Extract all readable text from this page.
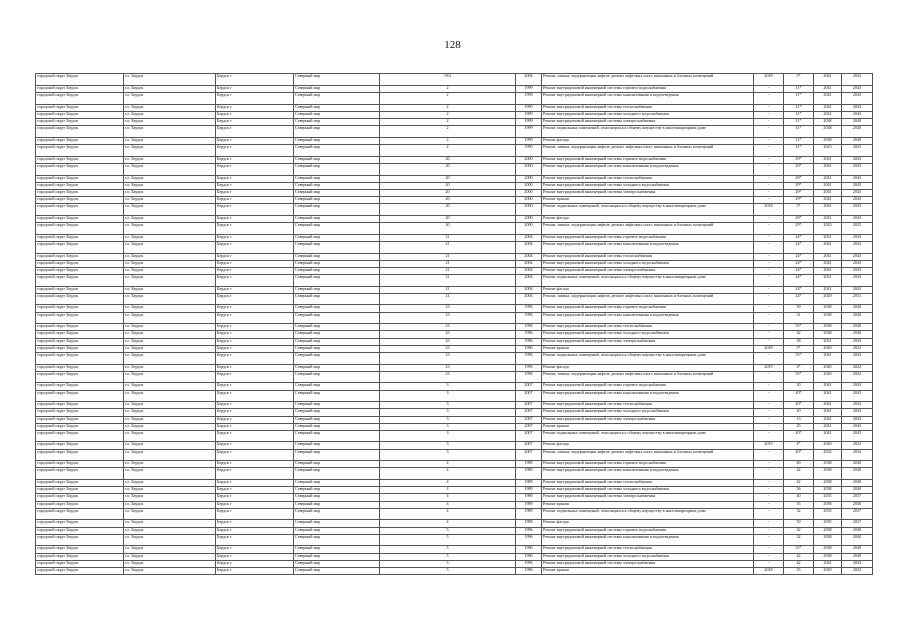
128
городской округ Бердск	г.о. Бердск	Бердск г	Северный мкр	19/2	2004	Ремонт, замена, модернизация лифтов, ремонт лифтовых шахт, машинных и блочных помещений	2018	5*	2041	2043
городской округ Бердск	г.о. Бердск	Бердск г	Северный мкр	2	1999	Ремонт внутридомовой инженерной системы горячего водоснабжения	-	31*	2041	2043
городской округ Бердск	г.о. Бердск	Бердск г	Северный мкр	2	1999	Ремонт внутридомовой инженерной системы канализования и водоотведения	-	31*	2041	2043
городской округ Бердск	г.о. Бердск	Бердск г	Северный мкр	2	1999	Ремонт внутридомовой инженерной системы теплоснабжения	-	31*	2041	2043
городской округ Бердск	г.о. Бердск	Бердск г	Северный мкр	2	1999	Ремонт внутридомовой инженерной системы холодного водоснабжения	-	31*	2041	2043
городской округ Бердск	г.о. Бердск	Бердск г	Северный мкр	2	1999	Ремонт внутридомовой инженерной системы электроснабжения	-	31*	2038	2040
городской округ Бердск	г.о. Бердск	Бердск г	Северный мкр	2	1999	Ремонт подвальных помещений, относящихся к общему имуществу в многоквартирном доме	-	31*	2038	2040
городской округ Бердск	г.о. Бердск	Бердск г	Северный мкр	2	1999	Ремонт фасада	-	31*	2038	2040
городской округ Бердск	г.о. Бердск	Бердск г	Северный мкр	2	1999	Ремонт, замена, модернизация лифтов, ремонт лифтовых шахт, машинных и блочных помещений	-	31*	2023	2025
городской округ Бердск	г.о. Бердск	Бердск г	Северный мкр	20	2000	Ремонт внутридомовой инженерной системы горячего водоснабжения	-	29*	2041	2043
городской округ Бердск	г.о. Бердск	Бердск г	Северный мкр	20	2000	Ремонт внутридомовой инженерной системы канализования и водоотведения	-	29*	2041	2043
городской округ Бердск	г.о. Бердск	Бердск г	Северный мкр	20	2000	Ремонт внутридомовой инженерной системы теплоснабжения	-	29*	2041	2043
городской округ Бердск	г.о. Бердск	Бердск г	Северный мкр	20	2000	Ремонт внутридомовой инженерной системы холодного водоснабжения	-	29*	2041	2043
городской округ Бердск	г.о. Бердск	Бердск г	Северный мкр	20	2000	Ремонт внутридомовой инженерной системы электроснабжения	-	29*	2041	2043
городской округ Бердск	г.о. Бердск	Бердск г	Северный мкр	20	2000	Ремонт крыши	-	29*	2041	2043
городской округ Бердск	г.о. Бердск	Бердск г	Северный мкр	20	2000	Ремонт подвальных помещений, относящихся к общему имуществу в многоквартирном доме	2018	5*	2041	2043
городской округ Бердск	г.о. Бердск	Бердск г	Северный мкр	20	2000	Ремонт фасада	-	29*	2041	2043
городской округ Бердск	г.о. Бердск	Бердск г	Северный мкр	20	2000	Ремонт, замена, модернизация лифтов, ремонт лифтовых шахт, машинных и блочных помещений	-	29*	2023	2025
городской округ Бердск	г.о. Бердск	Бердск г	Северный мкр	21	2004	Ремонт внутридомовой инженерной системы горячего водоснабжения	-	24*	2041	2043
городской округ Бердск	г.о. Бердск	Бердск г	Северный мкр	21	2004	Ремонт внутридомовой инженерной системы канализования и водоотведения	-	24*	2041	2043
городской округ Бердск	г.о. Бердск	Бердск г	Северный мкр	21	2004	Ремонт внутридомовой инженерной системы теплоснабжения	-	24*	2041	2043
городской округ Бердск	г.о. Бердск	Бердск г	Северный мкр	21	2004	Ремонт внутридомовой инженерной системы холодного водоснабжения	-	24*	2041	2043
городской округ Бердск	г.о. Бердск	Бердск г	Северный мкр	21	2004	Ремонт внутридомовой инженерной системы электроснабжения	-	24*	2041	2043
городской округ Бердск	г.о. Бердск	Бердск г	Северный мкр	21	2004	Ремонт подвальных помещений, относящихся к общему имуществу в многоквартирном доме	-	24*	2041	2043
городской округ Бердск	г.о. Бердск	Бердск г	Северный мкр	21	2004	Ремонт фасада	-	24*	2041	2043
городской округ Бердск	г.о. Бердск	Бердск г	Северный мкр	21	2004	Ремонт, замена, модернизация лифтов, ремонт лифтовых шахт, машинных и блочных помещений	-	24*	2029	2031
городской округ Бердск	г.о. Бердск	Бердск г	Северный мкр	23	1996	Ремонт внутридомовой инженерной системы горячего водоснабжения	-	50	2038	2040
городской округ Бердск	г.о. Бердск	Бердск г	Северный мкр	23	1996	Ремонт внутридомовой инженерной системы канализования и водоотведения	-	31	2038	2040
городской округ Бердск	г.о. Бердск	Бердск г	Северный мкр	23	1996	Ремонт внутридомовой инженерной системы теплоснабжения	-	35*	2038	2040
городской округ Бердск	г.о. Бердск	Бердск г	Северный мкр	23	1996	Ремонт внутридомовой инженерной системы холодного водоснабжения	-	42	2038	2040
городской округ Бердск	г.о. Бердск	Бердск г	Северный мкр	23	1996	Ремонт внутридомовой инженерной системы электроснабжения	-	38	2041	2043
городской округ Бердск	г.о. Бердск	Бердск г	Северный мкр	23	1996	Ремонт крыши	2018	5*	2020	2022
городской округ Бердск	г.о. Бердск	Бердск г	Северный мкр	23	1996	Ремонт подвальных помещений, относящихся к общему имуществу в многоквартирном доме	-	35*	2041	2043
городской округ Бердск	г.о. Бердск	Бердск г	Северный мкр	23	1996	Ремонт фасада	2019	4*	2020	2022
городской округ Бердск	г.о. Бердск	Бердск г	Северный мкр	23	1996	Ремонт, замена, модернизация лифтов, ремонт лифтовых шахт, машинных и блочных помещений	-	35*	2020	2022
городской округ Бердск	г.о. Бердск	Бердск г	Северный мкр	3	2007	Ремонт внутридомовой инженерной системы горячего водоснабжения	-	30	2041	2043
городской округ Бердск	г.о. Бердск	Бердск г	Северный мкр	3	2007	Ремонт внутридомовой инженерной системы канализования и водоотведения	-	20*	2041	2043
городской округ Бердск	г.о. Бердск	Бердск г	Северный мкр	3	2007	Ремонт внутридомовой инженерной системы теплоснабжения	-	20*	2041	2043
городской округ Бердск	г.о. Бердск	Бердск г	Северный мкр	3	2007	Ремонт внутридомовой инженерной системы холодного водоснабжения	-	20	2041	2043
городской округ Бердск	г.о. Бердск	Бердск г	Северный мкр	3	2007	Ремонт внутридомовой инженерной системы электроснабжения	-	13	2041	2043
городской округ Бердск	г.о. Бердск	Бердск г	Северный мкр	3	2007	Ремонт крыши	-	25	2041	2043
городской округ Бердск	г.о. Бердск	Бердск г	Северный мкр	3	2007	Ремонт подвальных помещений, относящихся к общему имуществу в многоквартирном доме	-	20*	2041	2043
городской округ Бердск	г.о. Бердск	Бердск г	Северный мкр	3	2007	Ремонт фасада	2019	4*	2020	2022
городской округ Бердск	г.о. Бердск	Бердск г	Северный мкр	3	2007	Ремонт, замена, модернизация лифтов, ремонт лифтовых шахт, машинных и блочных помещений	-	20*	2032	2034
городской округ Бердск	г.о. Бердск	Бердск г	Северный мкр	4	1989	Ремонт внутридомовой инженерной системы горячего водоснабжения	-	60	2038	2040
городской округ Бердск	г.о. Бердск	Бердск г	Северный мкр	4	1989	Ремонт внутридомовой инженерной системы канализования и водоотведения	-	42	2038	2040
городской округ Бердск	г.о. Бердск	Бердск г	Северный мкр	4	1989	Ремонт внутридомовой инженерной системы теплоснабжения	-	42	2038	2040
городской округ Бердск	г.о. Бердск	Бердск г	Северный мкр	4	1989	Ремонт внутридомовой инженерной системы холодного водоснабжения	-	56	2038	2040
городской округ Бердск	г.о. Бердск	Бердск г	Северный мкр	4	1989	Ремонт внутридомовой инженерной системы электроснабжения	-	40	2035	2037
городской округ Бердск	г.о. Бердск	Бердск г	Северный мкр	4	1989	Ремонт крыши	-	55	2038	2040
городской округ Бердск	г.о. Бердск	Бердск г	Северный мкр	4	1989	Ремонт подвальных помещений, относящихся к общему имуществу в многоквартирном доме	-	32	2035	2037
городской округ Бердск	г.о. Бердск	Бердск г	Северный мкр	4	1989	Ремонт фасада	-	50	2035	2037
городской округ Бердск	г.о. Бердск	Бердск г	Северный мкр	5	1996	Ремонт внутридомовой инженерной системы горячего водоснабжения	-	42	2038	2040
городской округ Бердск	г.о. Бердск	Бердск г	Северный мкр	5	1996	Ремонт внутридомовой инженерной системы канализования и водоотведения	-	32	2038	2040
городской округ Бердск	г.о. Бердск	Бердск г	Северный мкр	5	1996	Ремонт внутридомовой инженерной системы теплоснабжения	-	35*	2038	2040
городской округ Бердск	г.о. Бердск	Бердск г	Северный мкр	5	1996	Ремонт внутридомовой инженерной системы холодного водоснабжения	-	42	2038	2040
городской округ Бердск	г.о. Бердск	Бердск г	Северный мкр	5	1996	Ремонт внутридомовой инженерной системы электроснабжения	-	42	2041	2043
городской округ Бердск	г.о. Бердск	Бердск г	Северный мкр	5	1996	Ремонт крыши	2018	35	2020	2022
